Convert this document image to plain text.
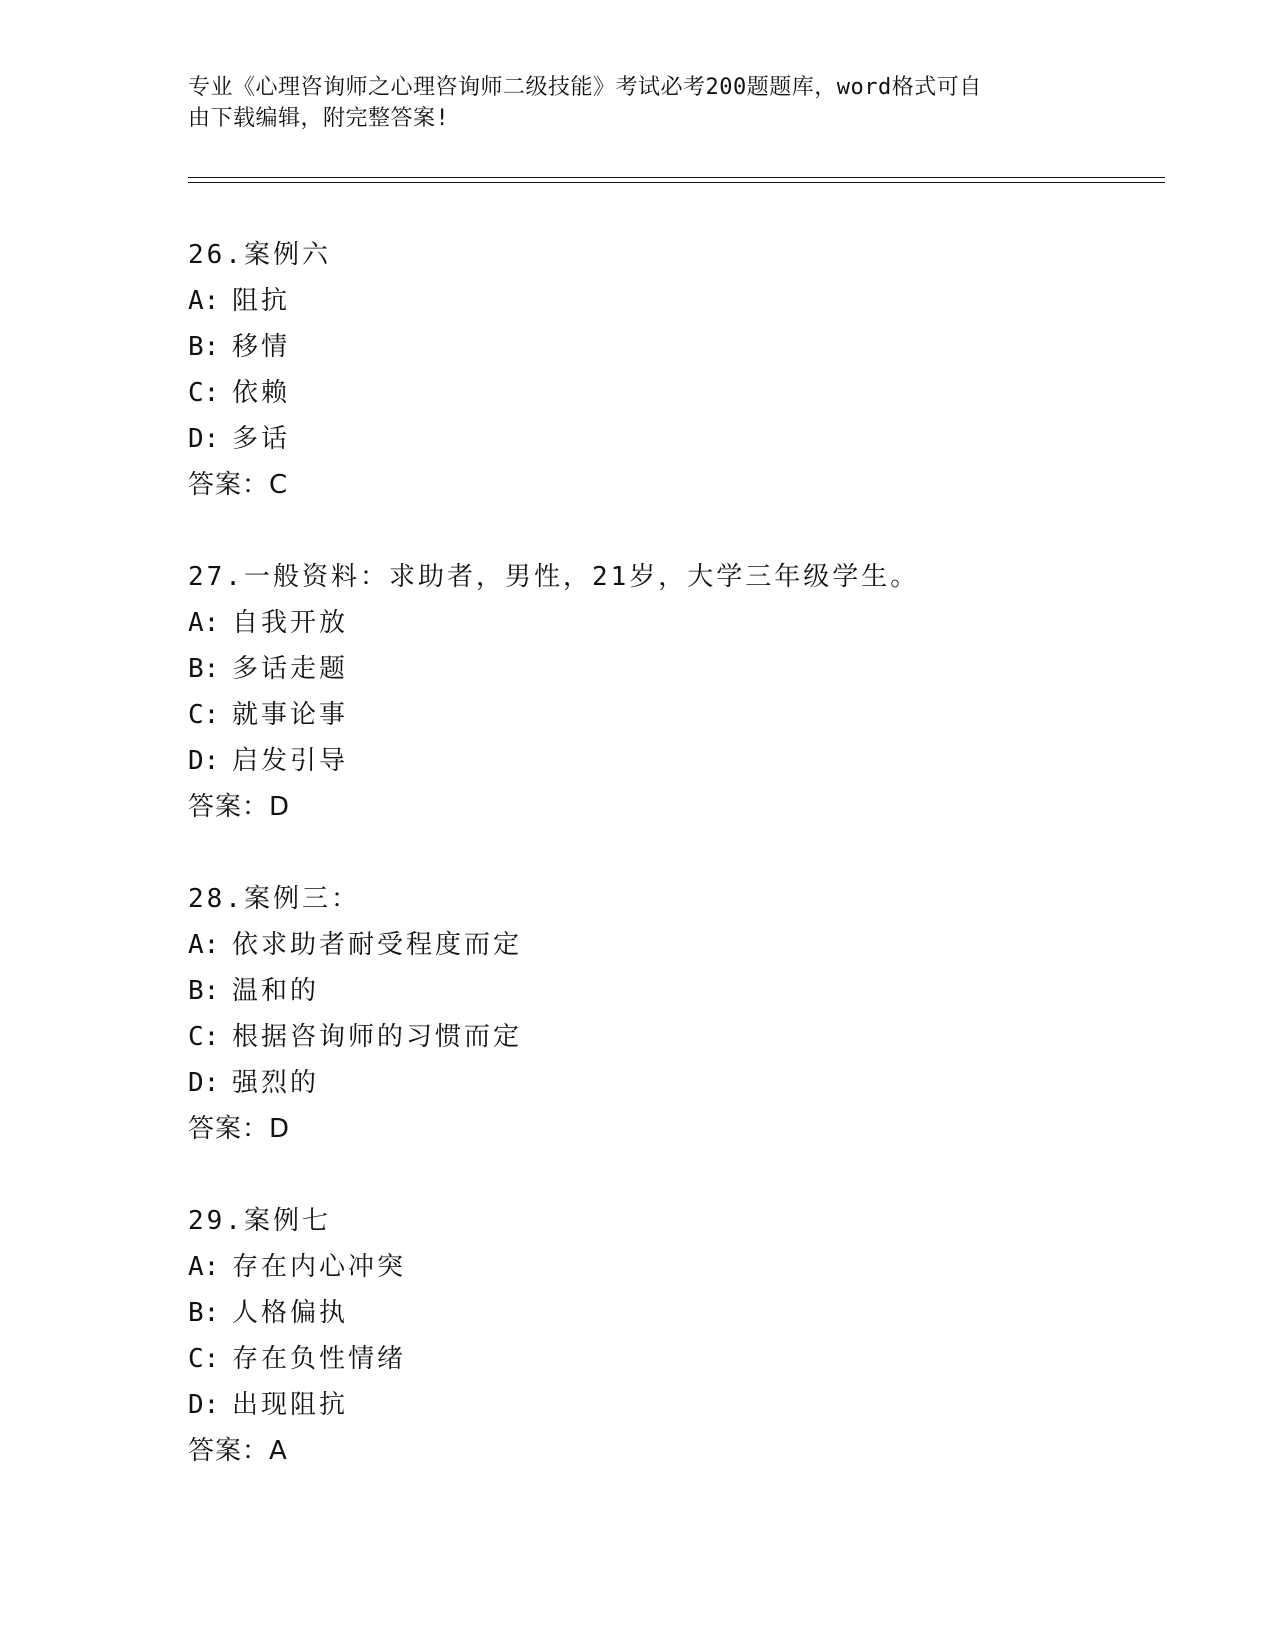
专业《心理咨询师之心理咨询师二级技能》考试必考200题题库，word格式可自
由下载编辑，附完整答案!
26.案例六
A: 阻抗
B: 移情
C: 依赖
D: 多话
答案：C
27.一般资料：求助者，男性，21岁，大学三年级学生。
A: 自我开放
B: 多话走题
C: 就事论事
D: 启发引导
答案：D
28.案例三：
A: 依求助者耐受程度而定
B: 温和的
C: 根据咨询师的习惯而定
D: 强烈的
答案：D
29.案例七
A: 存在内心冲突
B: 人格偏执
C: 存在负性情绪
D: 出现阻抗
答案：A
